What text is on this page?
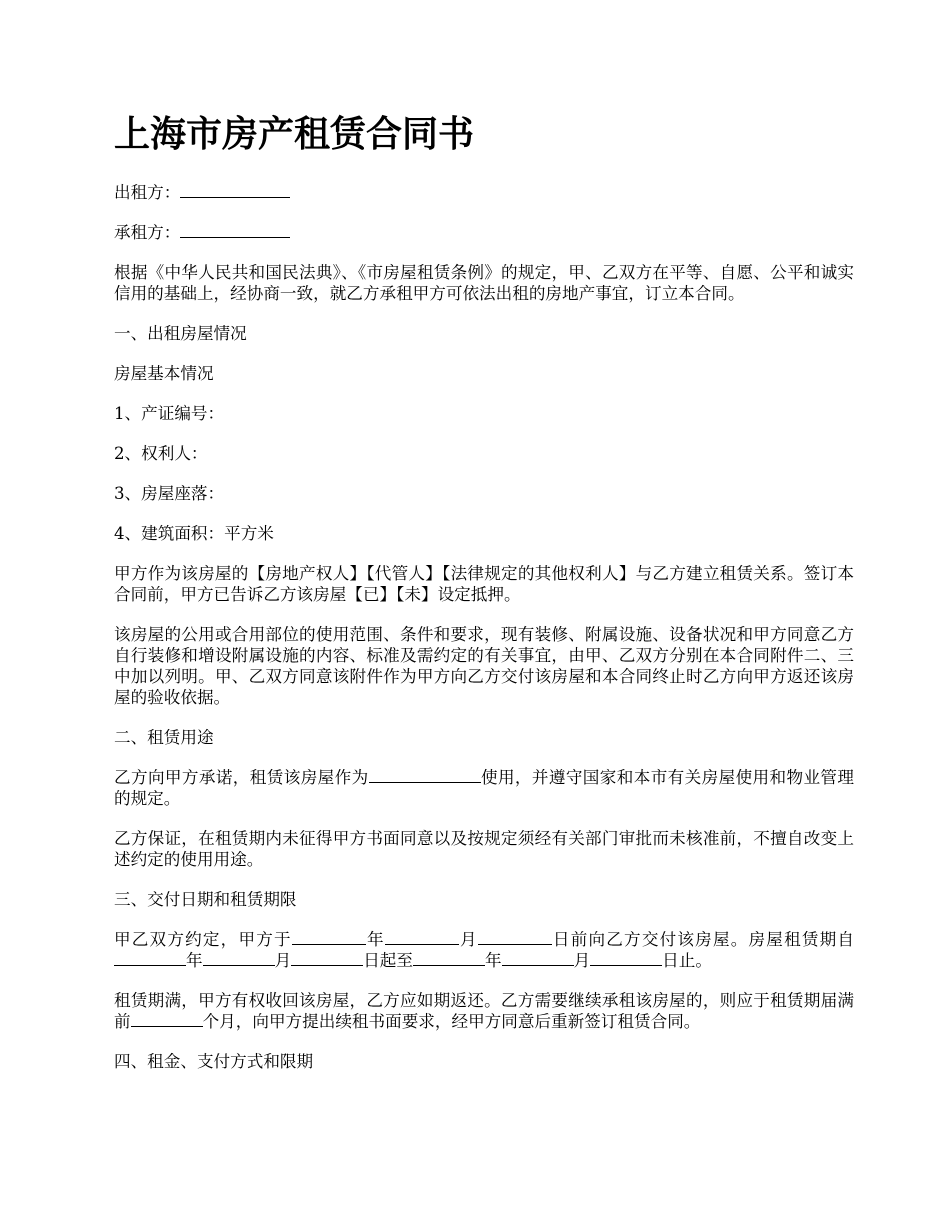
上海市房产租赁合同书
出租方：
承租方：
根据《中华人民共和国民法典》、《市房屋租赁条例》的规定，甲、乙双方在平等、自愿、公平和诚实信用的基础上，经协商一致，就乙方承租甲方可依法出租的房地产事宜，订立本合同。
一、出租房屋情况
房屋基本情况
1、产证编号：
2、权利人：
3、房屋座落：
4、建筑面积：平方米
甲方作为该房屋的【房地产权人】【代管人】【法律规定的其他权利人】与乙方建立租赁关系。签订本合同前，甲方已告诉乙方该房屋【已】【未】设定抵押。
该房屋的公用或合用部位的使用范围、条件和要求，现有装修、附属设施、设备状况和甲方同意乙方自行装修和增设附属设施的内容、标准及需约定的有关事宜，由甲、乙双方分别在本合同附件二、三中加以列明。甲、乙双方同意该附件作为甲方向乙方交付该房屋和本合同终止时乙方向甲方返还该房屋的验收依据。
二、租赁用途
乙方向甲方承诺，租赁该房屋作为	使用，并遵守国家和本市有关房屋使用和物业管理的规定。
乙方保证，在租赁期内未征得甲方书面同意以及按规定须经有关部门审批而未核准前，不擅自改变上述约定的使用用途。
三、交付日期和租赁期限
甲乙双方约定，甲方于	年	月	日前向乙方交付该房屋。房屋租赁期自年	月	日起至	年	月	日止。
租赁期满，甲方有权收回该房屋，乙方应如期返还。乙方需要继续承租该房屋的，则应于租赁期届满前	个月，向甲方提出续租书面要求，经甲方同意后重新签订租赁合同。
四、租金、支付方式和限期
